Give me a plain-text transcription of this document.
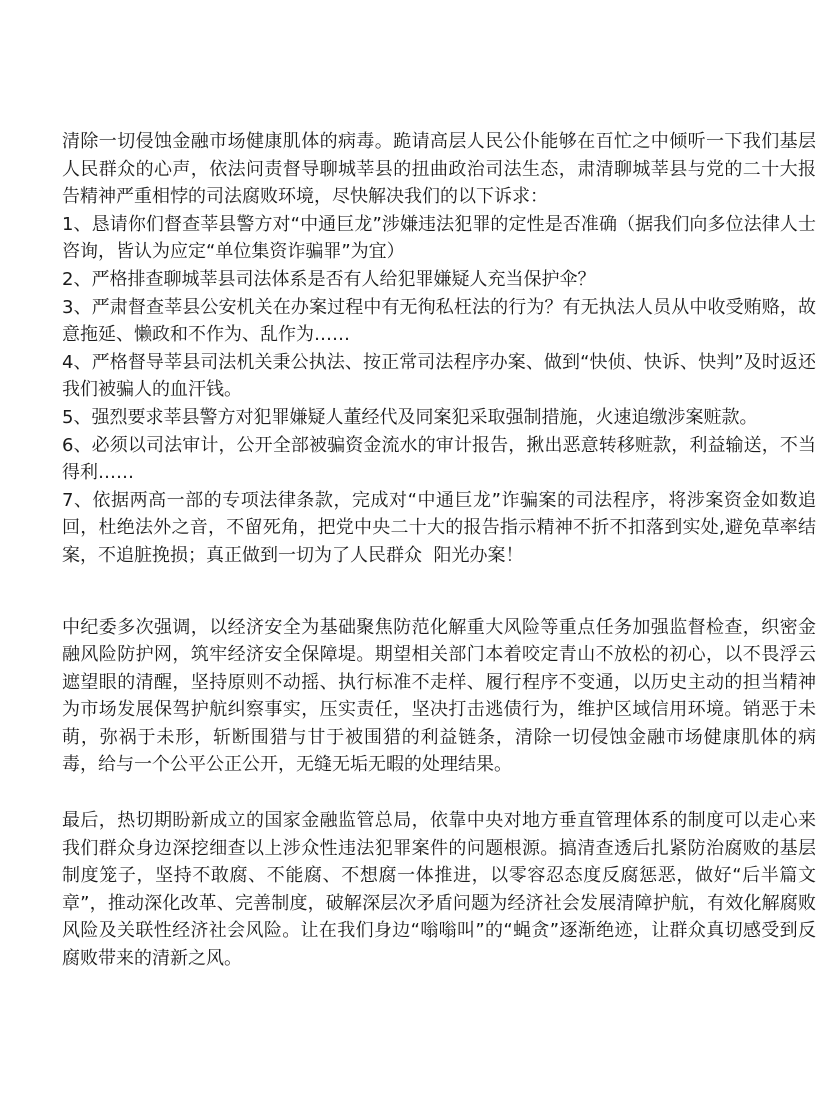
清除一切侵蚀金融市场健康肌体的病毒。跪请高层人民公仆能够在百忙之中倾听一下我们基层人民群众的心声，依法问责督导聊城莘县的扭曲政治司法生态，肃清聊城莘县与党的二十大报告精神严重相悖的司法腐败环境，尽快解决我们的以下诉求：

1、恳请你们督查莘县警方对“中通巨龙”涉嫌违法犯罪的定性是否准确（据我们向多位法律人士咨询，皆认为应定“单位集资诈骗罪”为宜）

2、严格排查聊城莘县司法体系是否有人给犯罪嫌疑人充当保护伞？

3、严肃督查莘县公安机关在办案过程中有无徇私枉法的行为？有无执法人员从中收受贿赂，故意拖延、懒政和不作为、乱作为……

4、严格督导莘县司法机关秉公执法、按正常司法程序办案、做到“快侦、快诉、快判”及时返还我们被骗人的血汗钱。

5、强烈要求莘县警方对犯罪嫌疑人董经代及同案犯采取强制措施，火速追缴涉案赃款。

6、必须以司法审计，公开全部被骗资金流水的审计报告，揪出恶意转移赃款，利益输送，不当得利……

7、依据两高一部的专项法律条款，完成对“中通巨龙”诈骗案的司法程序，将涉案资金如数追回，杜绝法外之音，不留死角，把党中央二十大的报告指示精神不折不扣落到实处,避免草率结案，不追脏挽损；真正做到一切为了人民群众  阳光办案！

中纪委多次强调，以经济安全为基础聚焦防范化解重大风险等重点任务加强监督检查，织密金融风险防护网，筑牢经济安全保障堤。期望相关部门本着咬定青山不放松的初心，以不畏浮云遮望眼的清醒，坚持原则不动摇、执行标准不走样、履行程序不变通，以历史主动的担当精神为市场发展保驾护航纠察事实，压实责任，坚决打击逃债行为，维护区域信用环境。销恶于未萌，弥祸于未形，斩断围猎与甘于被围猎的利益链条，清除一切侵蚀金融市场健康肌体的病毒，给与一个公平公正公开，无缝无垢无暇的处理结果。

最后，热切期盼新成立的国家金融监管总局，依靠中央对地方垂直管理体系的制度可以走心来我们群众身边深挖细查以上涉众性违法犯罪案件的问题根源。搞清查透后扎紧防治腐败的基层制度笼子，坚持不敢腐、不能腐、不想腐一体推进，以零容忍态度反腐惩恶，做好“后半篇文章”，推动深化改革、完善制度，破解深层次矛盾问题为经济社会发展清障护航，有效化解腐败风险及关联性经济社会风险。让在我们身边“嗡嗡叫”的“蝇贪”逐渐绝迹，让群众真切感受到反腐败带来的清新之风。
